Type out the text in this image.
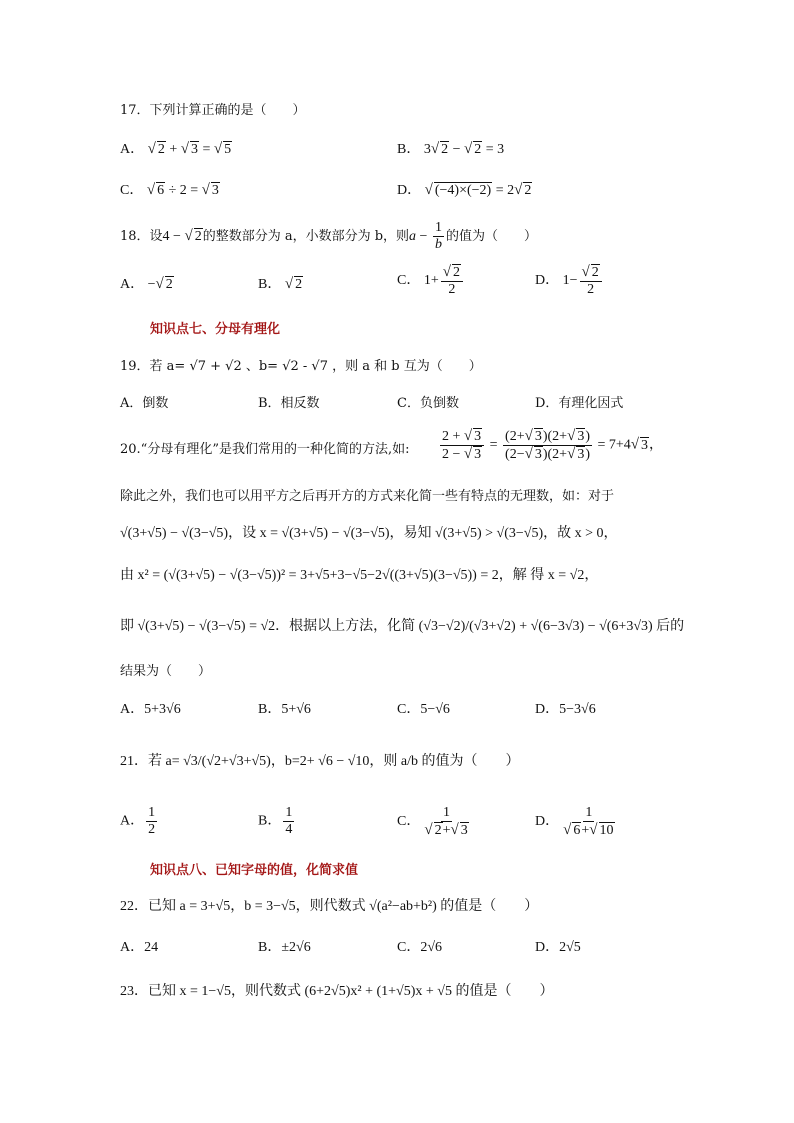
17．下列计算正确的是（　　）
A． √ 2 + √ 3 = √ 5	B． 3√ 2 − √ 2 = 3
C． √ 6 ÷ 2 = √ 3	D． √ (−4)×(−2) = 2√ 2
18．设4 − √ 2的整数部分为 a，小数部分为 b，则$a - \frac{1}{b}$ 的值为（　　）
A． −√ 2	B． √ 2	C． $1+ \frac{√ 2}{2}$	D． $1- \frac{√ 2}{2}$
知识点七、分母有理化
19．若 a= √7 + √2 、b= √2 - √7 ，则 a 和 b 互为（　　）
A．倒数	B．相反数	C．负倒数	D．有理化因式
20.“分母有理化”是我们常用的一种化简的方法,如: $\frac{2 + √ 3}{2 - √ 3} = \frac{(2+√ 3)(2+√ 3)}{(2-√ 3)(2+√ 3)} = 7+4√$ 3，
除此之外，我们也可以用平方之后再开方的方式来化简一些有特点的无理数，如：对于
√(3+√5) − √(3−√5)，设 x = √(3+√5) − √(3−√5)，易知 √(3+√5) > √(3−√5)，故 x > 0，
由 x² = (√(3+√5) − √(3−√5))² = 3+√5+3−√5−2√((3+√5)(3−√5)) = 2，解 得 x = √2，
即 √(3+√5) − √(3−√5) = √2．根据以上方法，化简 (√3−√2)/(√3+√2) + √(6−3√3) − √(6+3√3) 后的
结果为（　　）
A．5+3√6	B．5+√6	C．5−√6	D．5−3√6
21．若 a= √3/(√2+√3+√5)，b=2+ √6 − √10，则 a/b 的值为（　　）
A． $\frac{1}{2}$	B． $\frac{1}{4}$	C． $\frac{1}{√ 2+√ 3}$	D． $\frac{1}{√ 6+√ 10}$
知识点八、已知字母的值，化简求值
22．已知 a = 3+√5，b = 3−√5，则代数式 √(a²−ab+b²) 的值是（　　）
A．24	B．±2√6	C．2√6	D．2√5
23．已知 x = 1−√5，则代数式 (6+2√5)x² + (1+√5)x + √5 的值是（　　）
